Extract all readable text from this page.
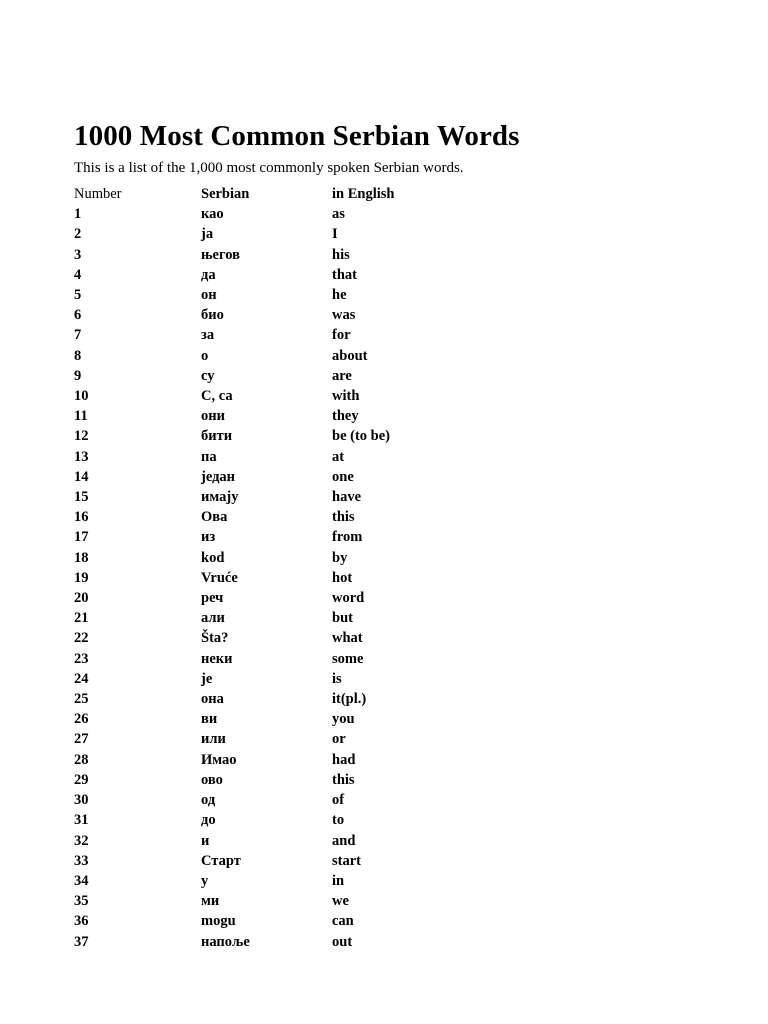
1000 Most Common Serbian Words

This is a list of the 1,000 most commonly spoken Serbian words.

Number	Serbian	in English
1	као	as
2	ја	I
3	његов	his
4	да	that
5	он	he
6	био	was
7	за	for
8	о	about
9	су	are
10	С, са	with
11	они	they
12	бити	be (to be)
13	па	at
14	један	one
15	имају	have
16	Ова	this
17	из	from
18	kod	by
19	Vruće	hot
20	реч	word
21	али	but
22	Šta?	what
23	неки	some
24	је	is
25	она	it(pl.)
26	ви	you
27	или	or
28	Имао	had
29	ово	this
30	од	of
31	до	to
32	и	and
33	Старт	start
34	у	in
35	ми	we
36	mogu	can
37	напоље	out
